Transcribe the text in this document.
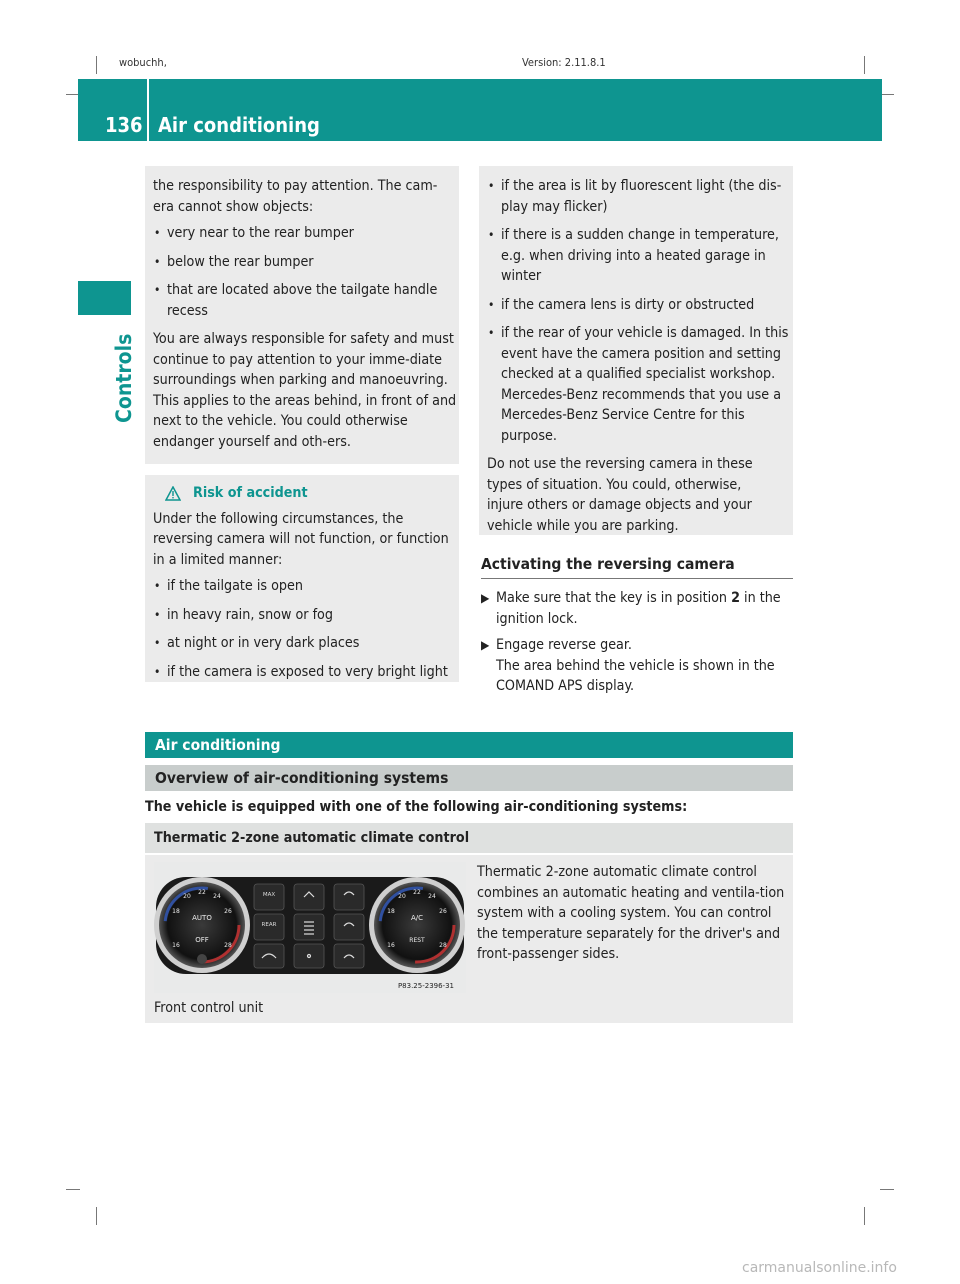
wobuchh,	Version: 2.11.8.1
136 Air conditioning
Controls

the responsibility to pay attention. The cam-era cannot show objects:

• very near to the rear bumper
• below the rear bumper
• that are located above the tailgate handle recess

You are always responsible for safety and must continue to pay attention to your imme-diate surroundings when parking and manoeuvring. This applies to the areas behind, in front of and next to the vehicle. You could otherwise endanger yourself and oth-ers.

Risk of accident

Under the following circumstances, the reversing camera will not function, or function in a limited manner:

• if the tailgate is open
• in heavy rain, snow or fog
• at night or in very dark places
• if the camera is exposed to very bright light
• if the area is lit by fluorescent light (the dis-play may flicker)
• if there is a sudden change in temperature, e.g. when driving into a heated garage in winter
• if the camera lens is dirty or obstructed
• if the rear of your vehicle is damaged. In this event have the camera position and setting checked at a qualified specialist workshop. Mercedes-Benz recommends that you use a Mercedes-Benz Service Centre for this purpose.

Do not use the reversing camera in these types of situation. You could, otherwise, injure others or damage objects and your vehicle while you are parking.

Activating the reversing camera
▶ Make sure that the key is in position 2 in the ignition lock.
▶ Engage reverse gear.
The area behind the vehicle is shown in the COMAND APS display.
Air conditioning
Overview of air-conditioning systems
The vehicle is equipped with one of the following air-conditioning systems:
Thermatic 2-zone automatic climate control
Thermatic 2-zone automatic climate control combines an automatic heating and ventila-tion system with a cooling system. You can control the temperature separately for the driver's and front-passenger sides.
Front control unit
20
22
24
18	26
16	28
AUTO
OFF
20
22
24
18	26
16	28
A/C
REST
MAX
REAR
P83.25-2396-31
carmanualsonline.info
